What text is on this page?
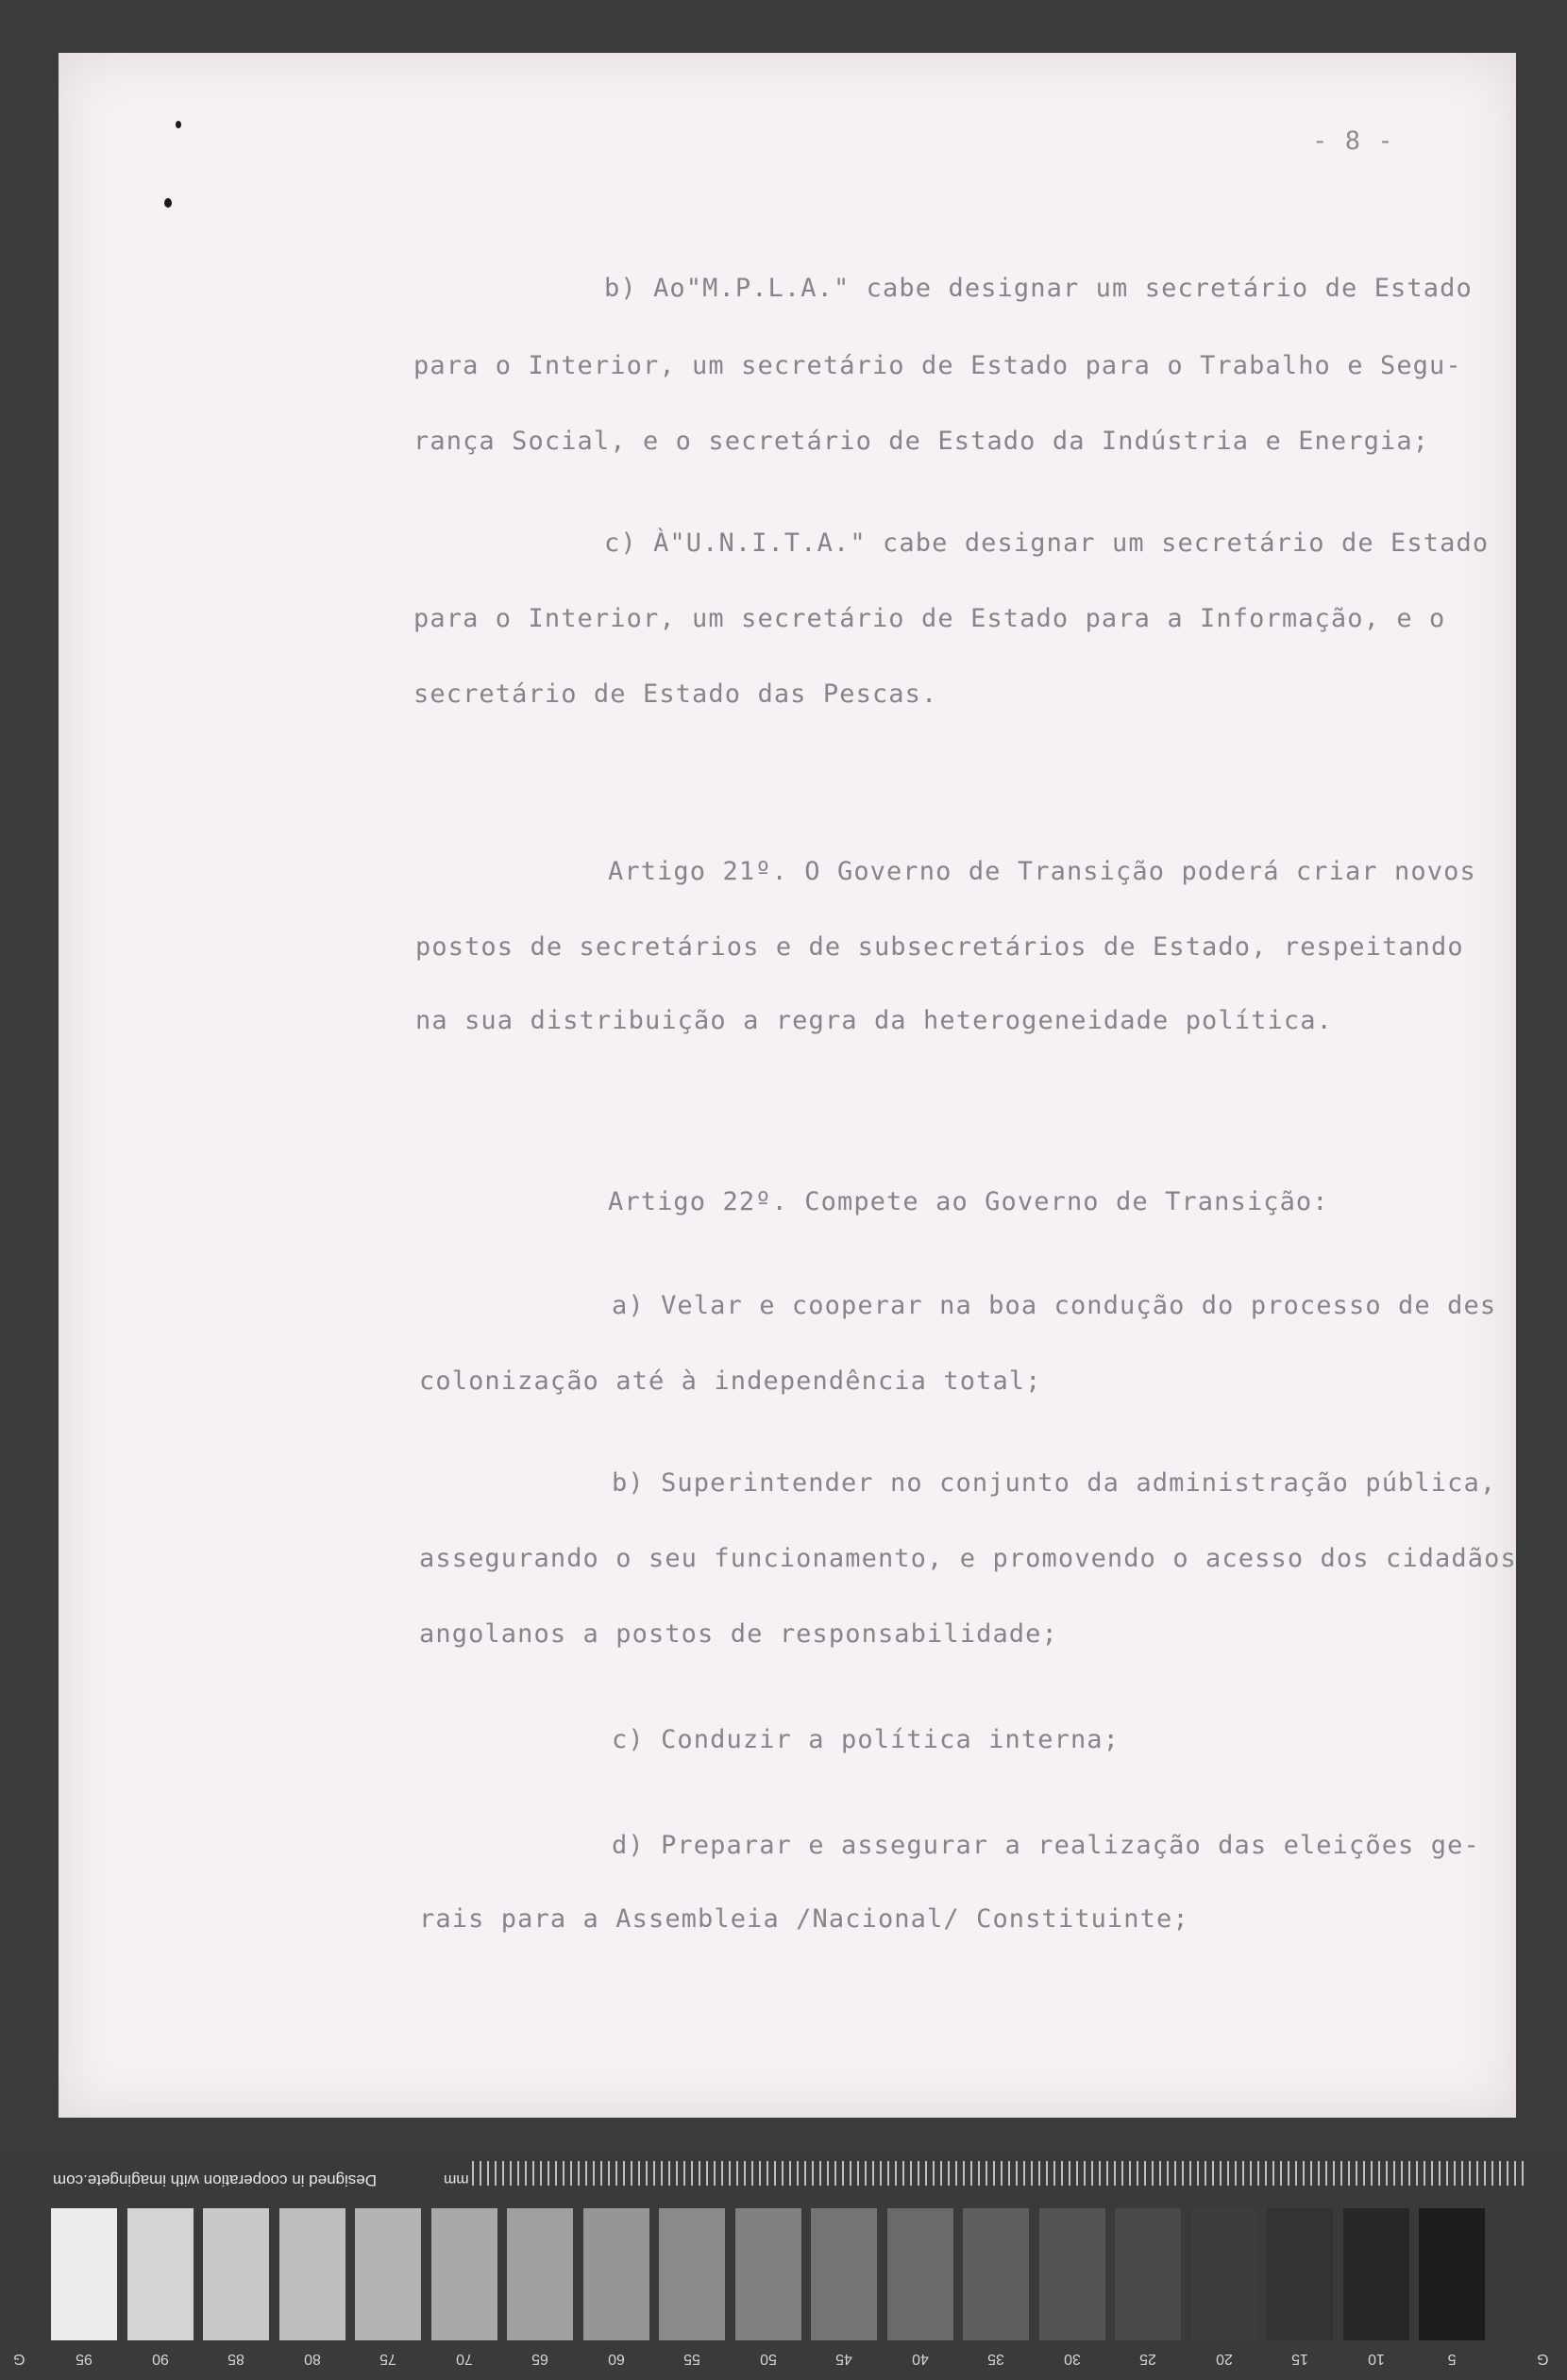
- 8 -
b) Ao"M.P.L.A." cabe designar um secretário de Estado
para o Interior, um secretário de Estado para o Trabalho e Segu-
rança Social, e o secretário de Estado da Indústria e Energia;
c) À"U.N.I.T.A." cabe designar um secretário de Estado
para o Interior, um secretário de Estado para a Informação, e o
secretário de Estado das Pescas.
Artigo 21º. O Governo de Transição poderá criar novos
postos de secretários e de subsecretários de Estado, respeitando
na sua distribuição a regra da heterogeneidade política.
Artigo 22º. Compete ao Governo de Transição:
a) Velar e cooperar na boa condução do processo de des
colonização até à independência total;
b) Superintender no conjunto da administração pública,
assegurando o seu funcionamento, e promovendo o acesso dos cidadãos
angolanos a postos de responsabilidade;
c) Conduzir a política interna;
d) Preparar e assegurar a realização das eleições ge-
rais para a Assembleia /Nacional/ Constituinte;
Designed in cooperation with imagingete.com	mm
95	90	85	80	75	70	65	60	55	50	45	40	35	30	25	20	15	10	5
G	G
